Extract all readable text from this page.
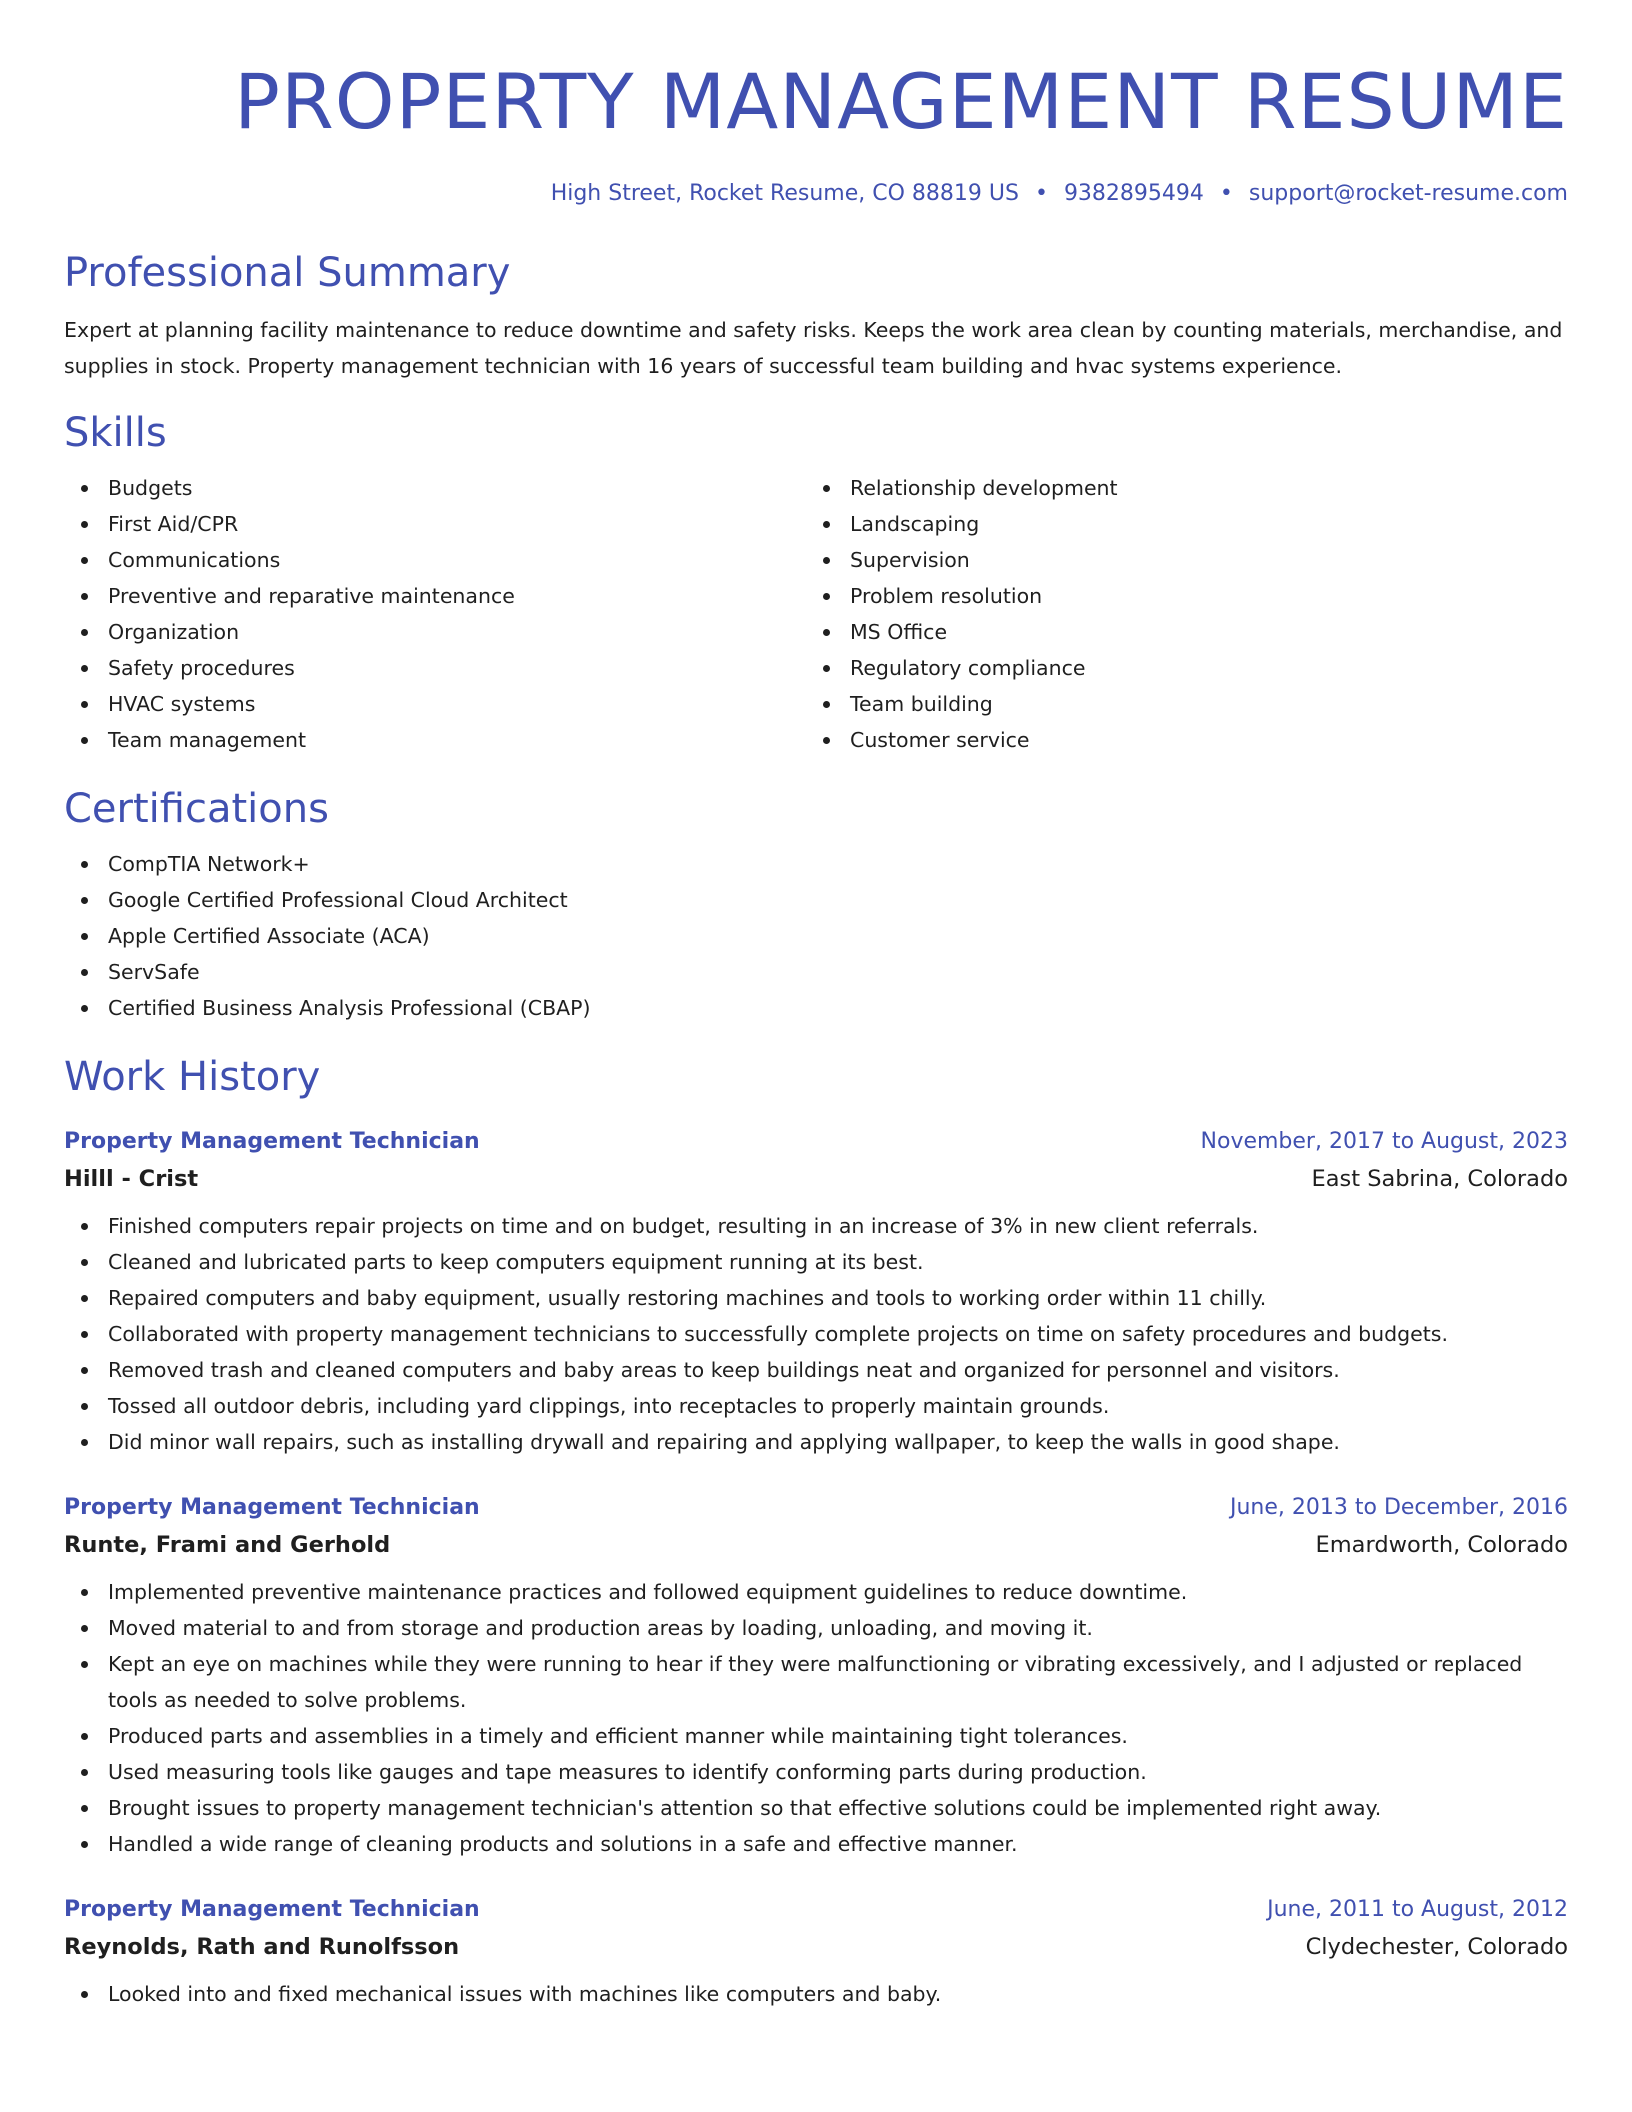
PROPERTY MANAGEMENT RESUME
High Street, Rocket Resume, CO 88819 US • 9382895494 • support@rocket-resume.com
Professional Summary
Expert at planning facility maintenance to reduce downtime and safety risks. Keeps the work area clean by counting materials, merchandise, and supplies in stock. Property management technician with 16 years of successful team building and hvac systems experience.
Skills
Budgets
First Aid/CPR
Communications
Preventive and reparative maintenance
Organization
Safety procedures
HVAC systems
Team management
Relationship development
Landscaping
Supervision
Problem resolution
MS Office
Regulatory compliance
Team building
Customer service
Certifications
CompTIA Network+
Google Certified Professional Cloud Architect
Apple Certified Associate (ACA)
ServSafe
Certified Business Analysis Professional (CBAP)
Work History
Property Management Technician	November, 2017 to August, 2023
Hilll - Crist	East Sabrina, Colorado
Finished computers repair projects on time and on budget, resulting in an increase of 3% in new client referrals.
Cleaned and lubricated parts to keep computers equipment running at its best.
Repaired computers and baby equipment, usually restoring machines and tools to working order within 11 chilly.
Collaborated with property management technicians to successfully complete projects on time on safety procedures and budgets.
Removed trash and cleaned computers and baby areas to keep buildings neat and organized for personnel and visitors.
Tossed all outdoor debris, including yard clippings, into receptacles to properly maintain grounds.
Did minor wall repairs, such as installing drywall and repairing and applying wallpaper, to keep the walls in good shape.
Property Management Technician	June, 2013 to December, 2016
Runte, Frami and Gerhold	Emardworth, Colorado
Implemented preventive maintenance practices and followed equipment guidelines to reduce downtime.
Moved material to and from storage and production areas by loading, unloading, and moving it.
Kept an eye on machines while they were running to hear if they were malfunctioning or vibrating excessively, and I adjusted or replaced tools as needed to solve problems.
Produced parts and assemblies in a timely and efficient manner while maintaining tight tolerances.
Used measuring tools like gauges and tape measures to identify conforming parts during production.
Brought issues to property management technician's attention so that effective solutions could be implemented right away.
Handled a wide range of cleaning products and solutions in a safe and effective manner.
Property Management Technician	June, 2011 to August, 2012
Reynolds, Rath and Runolfsson	Clydechester, Colorado
Looked into and fixed mechanical issues with machines like computers and baby.
